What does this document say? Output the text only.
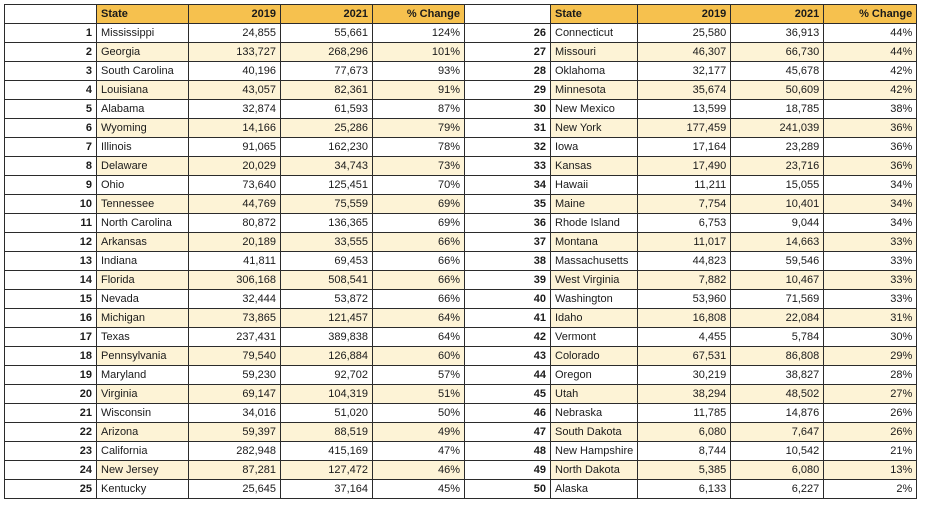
	State	2019	2021	% Change		State	2019	2021	% Change
1	Mississippi	24,855	55,661	124%	26	Connecticut	25,580	36,913	44%
2	Georgia	133,727	268,296	101%	27	Missouri	46,307	66,730	44%
3	South Carolina	40,196	77,673	93%	28	Oklahoma	32,177	45,678	42%
4	Louisiana	43,057	82,361	91%	29	Minnesota	35,674	50,609	42%
5	Alabama	32,874	61,593	87%	30	New Mexico	13,599	18,785	38%
6	Wyoming	14,166	25,286	79%	31	New York	177,459	241,039	36%
7	Illinois	91,065	162,230	78%	32	Iowa	17,164	23,289	36%
8	Delaware	20,029	34,743	73%	33	Kansas	17,490	23,716	36%
9	Ohio	73,640	125,451	70%	34	Hawaii	11,211	15,055	34%
10	Tennessee	44,769	75,559	69%	35	Maine	7,754	10,401	34%
11	North Carolina	80,872	136,365	69%	36	Rhode Island	6,753	9,044	34%
12	Arkansas	20,189	33,555	66%	37	Montana	11,017	14,663	33%
13	Indiana	41,811	69,453	66%	38	Massachusetts	44,823	59,546	33%
14	Florida	306,168	508,541	66%	39	West Virginia	7,882	10,467	33%
15	Nevada	32,444	53,872	66%	40	Washington	53,960	71,569	33%
16	Michigan	73,865	121,457	64%	41	Idaho	16,808	22,084	31%
17	Texas	237,431	389,838	64%	42	Vermont	4,455	5,784	30%
18	Pennsylvania	79,540	126,884	60%	43	Colorado	67,531	86,808	29%
19	Maryland	59,230	92,702	57%	44	Oregon	30,219	38,827	28%
20	Virginia	69,147	104,319	51%	45	Utah	38,294	48,502	27%
21	Wisconsin	34,016	51,020	50%	46	Nebraska	11,785	14,876	26%
22	Arizona	59,397	88,519	49%	47	South Dakota	6,080	7,647	26%
23	California	282,948	415,169	47%	48	New Hampshire	8,744	10,542	21%
24	New Jersey	87,281	127,472	46%	49	North Dakota	5,385	6,080	13%
25	Kentucky	25,645	37,164	45%	50	Alaska	6,133	6,227	2%
